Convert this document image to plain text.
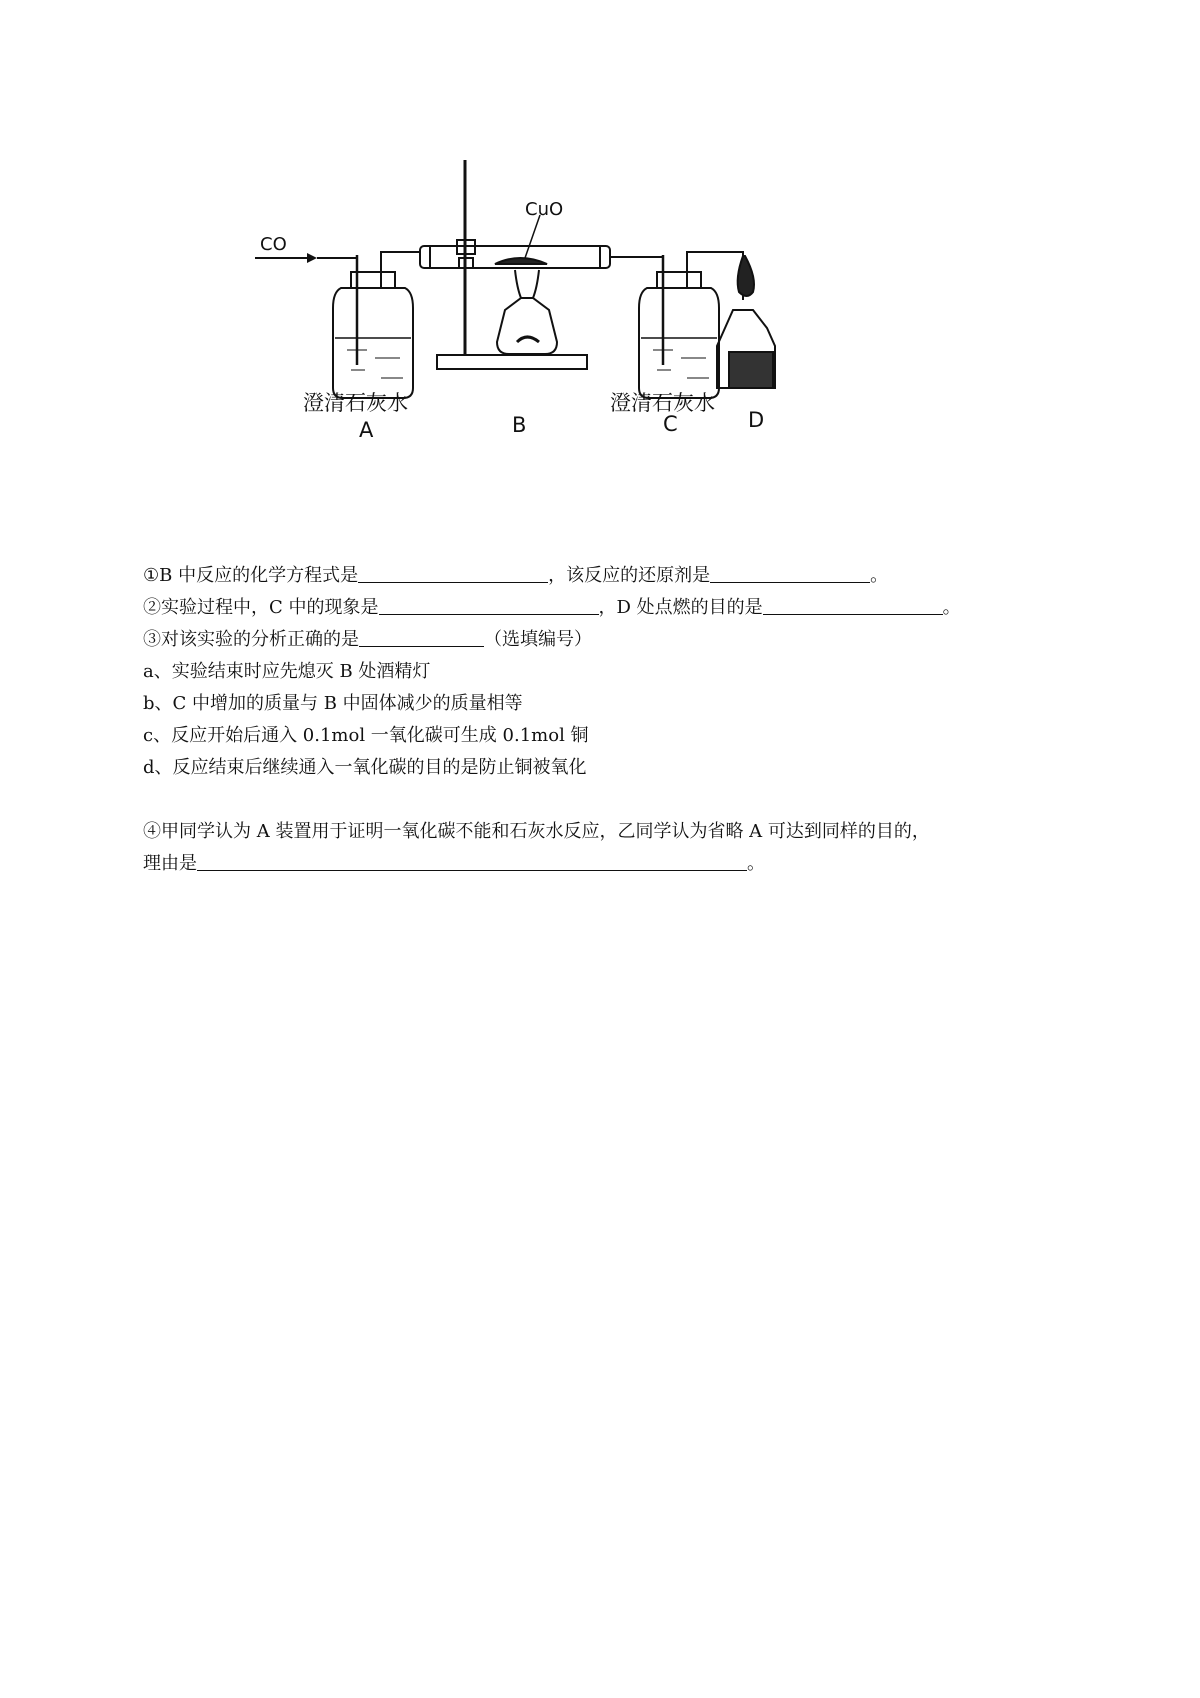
CO
CuO
澄清石灰水	澄清石灰水
A	B	C	D
①B 中反应的化学方程式是	，该反应的还原剂是	。
②实验过程中，C 中的现象是	，D 处点燃的目的是	。
③对该实验的分析正确的是	（选填编号）
a、实验结束时应先熄灭 B 处酒精灯
b、C 中增加的质量与 B 中固体减少的质量相等
c、反应开始后通入 0.1mol 一氧化碳可生成 0.1mol 铜
d、反应结束后继续通入一氧化碳的目的是防止铜被氧化
④甲同学认为 A 装置用于证明一氧化碳不能和石灰水反应，乙同学认为省略 A 可达到同样的目的，
理由是	。
